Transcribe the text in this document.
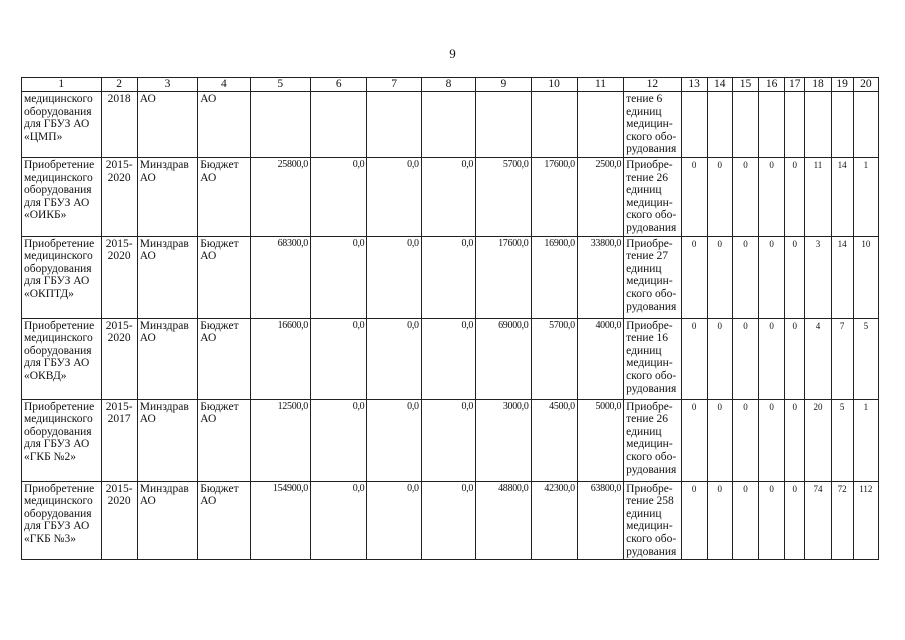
9
1	2	3	4	5	6	7	8	9	10	11	12	13	14	15	16	17	18	19	20
медицинского оборудования для ГБУЗ АО «ЦМП»	2018	АО	АО								тение 6 единиц медицин-ского обо-рудования								
Приобретение медицинского оборудования для ГБУЗ АО «ОИКБ»	2015-2020	Минздрав АО	Бюджет АО	25800,0	0,0	0,0	0,0	5700,0	17600,0	2500,0	Приобре-тение 26 единиц медицин-ского обо-рудования	0	0	0	0	0	11	14	1
Приобретение медицинского оборудования для ГБУЗ АО «ОКПТД»	2015-2020	Минздрав АО	Бюджет АО	68300,0	0,0	0,0	0,0	17600,0	16900,0	33800,0	Приобре-тение 27 единиц медицин-ского обо-рудования	0	0	0	0	0	3	14	10
Приобретение медицинского оборудования для ГБУЗ АО «ОКВД»	2015-2020	Минздрав АО	Бюджет АО	16600,0	0,0	0,0	0,0	69000,0	5700,0	4000,0	Приобре-тение 16 единиц медицин-ского обо-рудования	0	0	0	0	0	4	7	5
Приобретение медицинского оборудования для ГБУЗ АО «ГКБ №2»	2015-2017	Минздрав АО	Бюджет АО	12500,0	0,0	0,0	0,0	3000,0	4500,0	5000,0	Приобре-тение 26 единиц медицин-ского обо-рудования	0	0	0	0	0	20	5	1
Приобретение медицинского оборудования для ГБУЗ АО «ГКБ №3»	2015-2020	Минздрав АО	Бюджет АО	154900,0	0,0	0,0	0,0	48800,0	42300,0	63800,0	Приобре-тение 258 единиц медицин-ского обо-рудования	0	0	0	0	0	74	72	112
